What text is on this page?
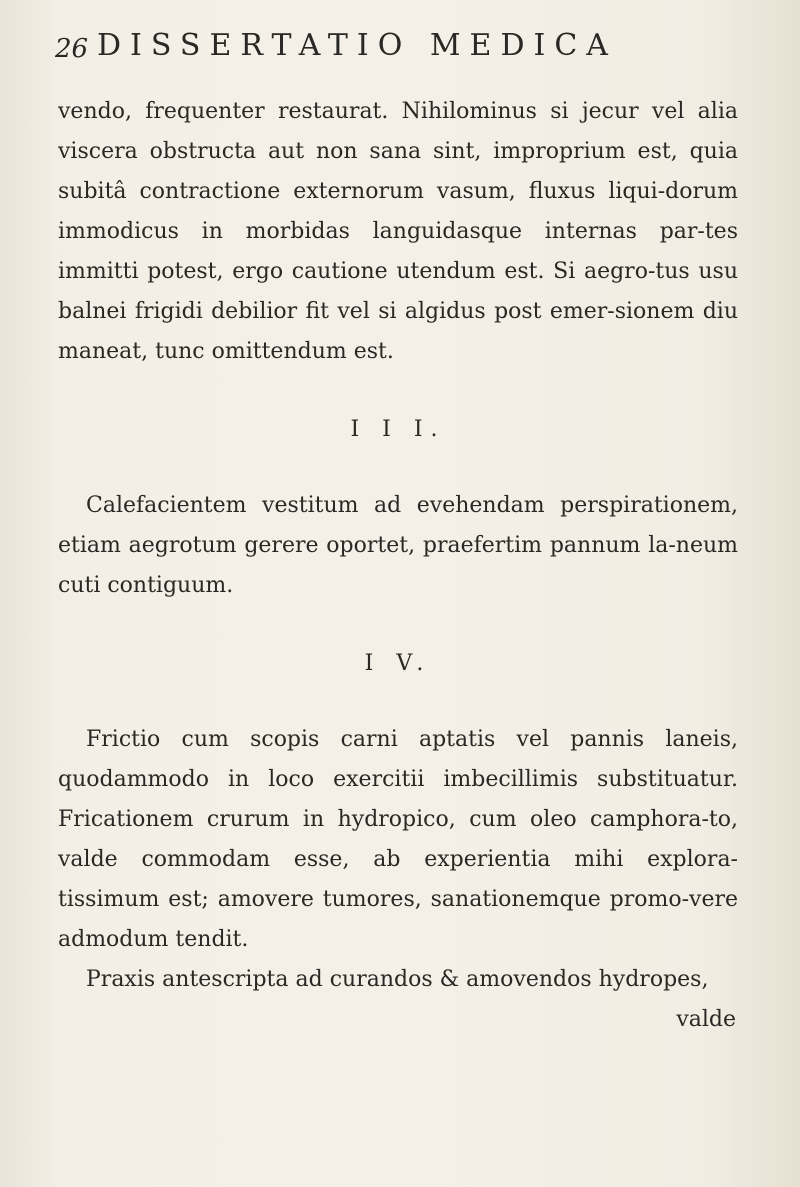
26 DISSERTATIO MEDICA

vendo, frequenter restaurat. Nihilominus si jecur vel alia viscera obstructa aut non sana sint, improprium est, quia subitâ contractione externorum vasum, fluxus liqui-dorum immodicus in morbidas languidasque internas par-tes immitti potest, ergo cautione utendum est. Si aegro-tus usu balnei frigidi debilior fit vel si algidus post emer-sionem diu maneat, tunc omittendum est.

I I I.

Calefacientem vestitum ad evehendam perspirationem, etiam aegrotum gerere oportet, praefertim pannum la-neum cuti contiguum.

I V.

Frictio cum scopis carni aptatis vel pannis laneis, quodammodo in loco exercitii imbecillimis substituatur. Fricationem crurum in hydropico, cum oleo camphora-to, valde commodam esse, ab experientia mihi explora-tissimum est; amovere tumores, sanationemque promo-vere admodum tendit.

Praxis antescripta ad curandos & amovendos hydropes,

valde
